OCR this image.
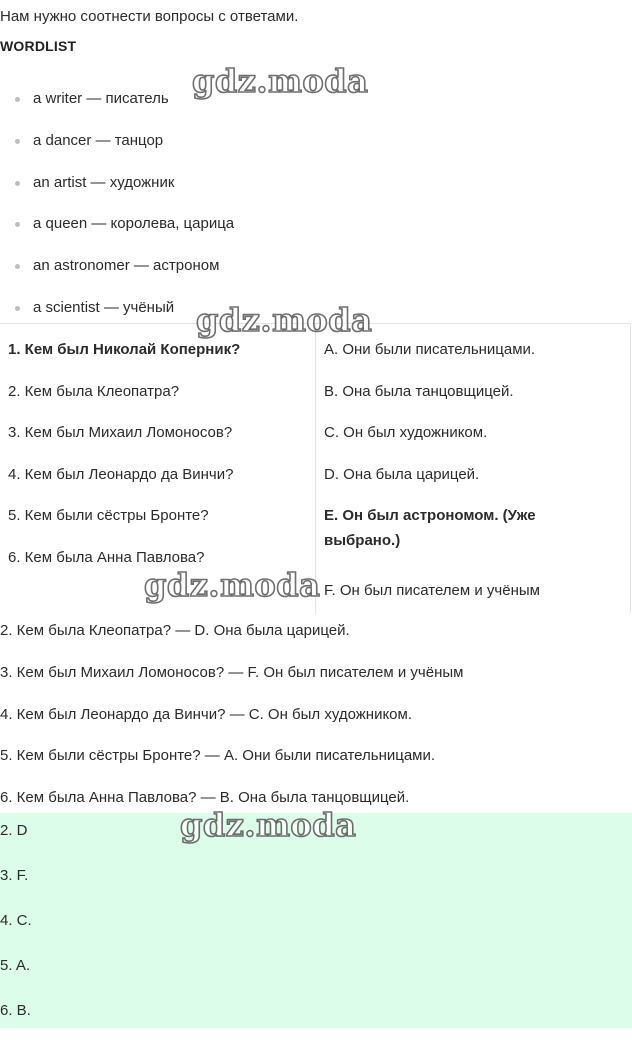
Нам нужно соотнести вопросы с ответами.
WORDLIST
a writer — писатель
a dancer — танцор
an artist — художник
a queen — королева, царица
an astronomer — астроном
a scientist — учёный
1. Кем был Николай Коперник?
2. Кем была Клеопатра?
3. Кем был Михаил Ломоносов?
4. Кем был Леонардо да Винчи?
5. Кем были сёстры Бронте?
6. Кем была Анна Павлова?
A. Они были писательницами.
B. Она была танцовщицей.
C. Он был художником.
D. Она была царицей.
E. Он был астрономом. (Уже
выбрано.)
F. Он был писателем и учёным
2. Кем была Клеопатра? — D. Она была царицей.
3. Кем был Михаил Ломоносов? — F. Он был писателем и учёным
4. Кем был Леонардо да Винчи? — C. Он был художником.
5. Кем были сёстры Бронте? — A. Они были писательницами.
6. Кем была Анна Павлова? — B. Она была танцовщицей.
2. D
3. F.
4. C.
5. A.
6. B.
gdz.moda
gdz.moda
gdz.moda
gdz.moda
